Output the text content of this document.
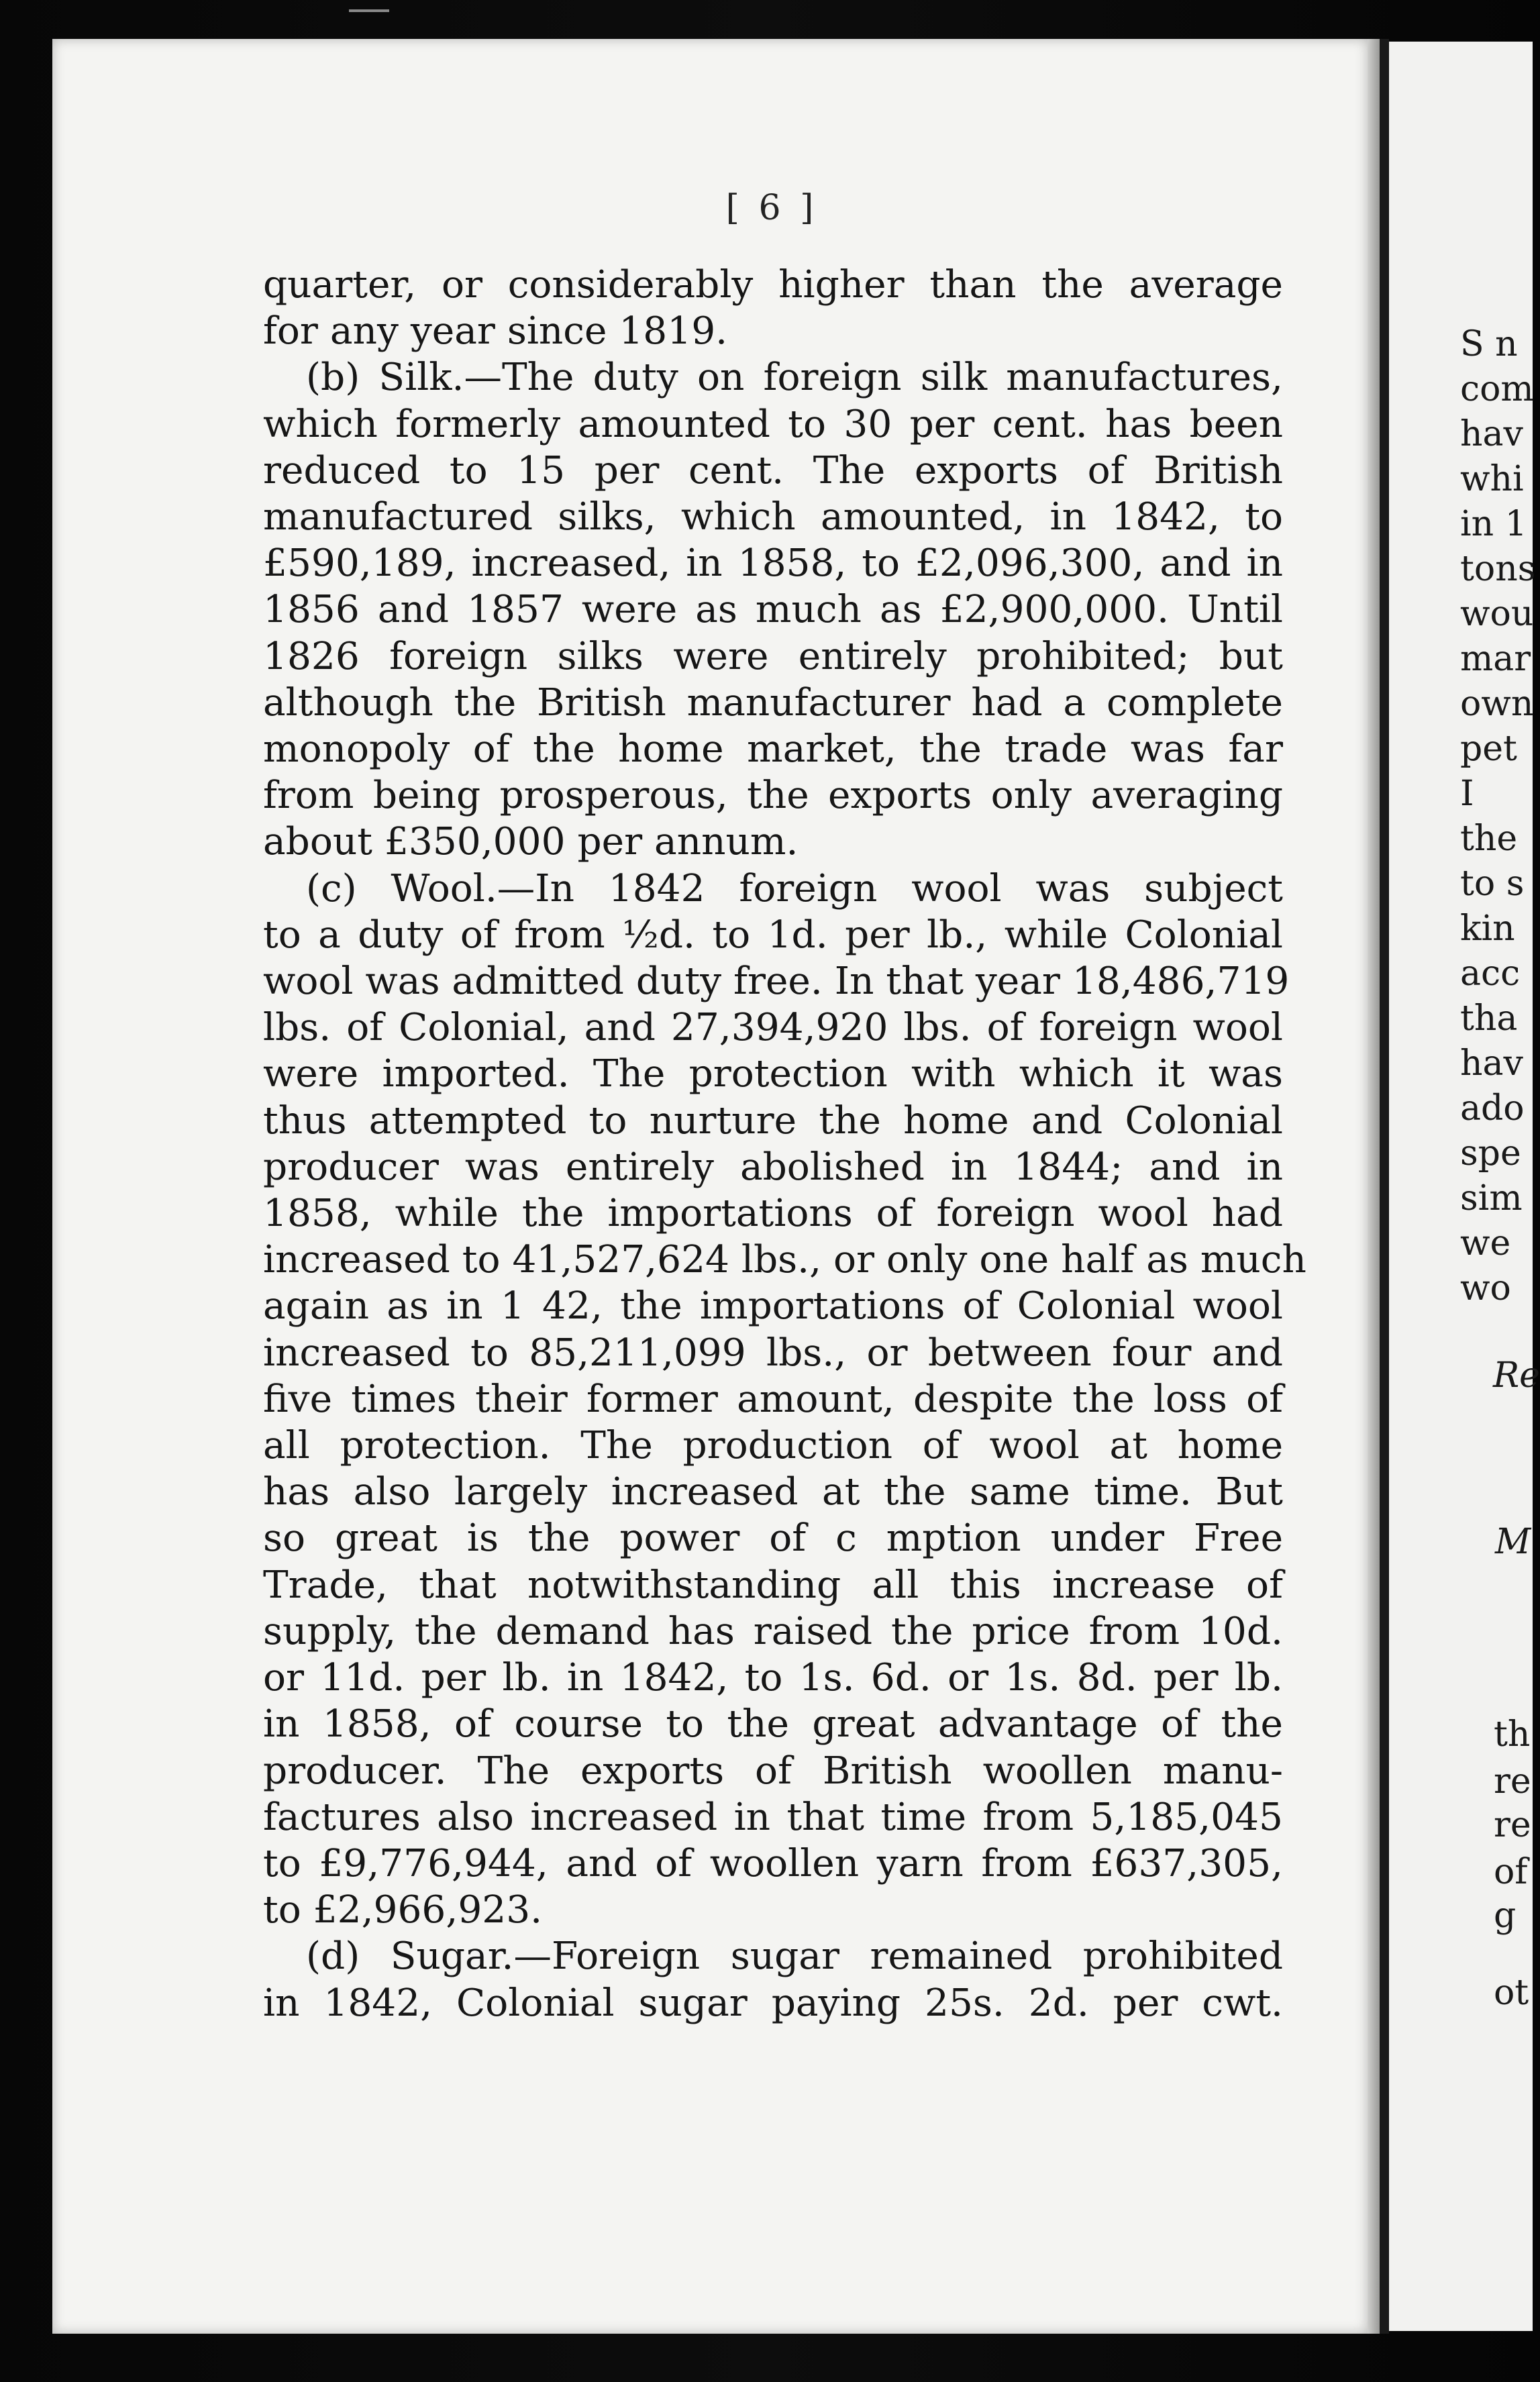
[ 6 ]
quarter, or considerably higher than the average
for any year since 1819.
(b) Silk.—The duty on foreign silk manufactures,
which formerly amounted to 30 per cent. has been
reduced to 15 per cent. The exports of British
manufactured silks, which amounted, in 1842, to
£590,189, increased, in 1858, to £2,096,300, and in
1856 and 1857 were as much as £2,900,000. Until
1826 foreign silks were entirely prohibited; but
although the British manufacturer had a complete
monopoly of the home market, the trade was far
from being prosperous, the exports only averaging
about £350,000 per annum.
(c) Wool.—In 1842 foreign wool was subject
to a duty of from ½d. to 1d. per lb., while Colonial
wool was admitted duty free. In that year 18,486,719
lbs. of Colonial, and 27,394,920 lbs. of foreign wool
were imported. The protection with which it was
thus attempted to nurture the home and Colonial
producer was entirely abolished in 1844; and in
1858, while the importations of foreign wool had
increased to 41,527,624 lbs., or only one half as much
again as in 1 42, the importations of Colonial wool
increased to 85,211,099 lbs., or between four and
five times their former amount, despite the loss of
all protection. The production of wool at home
has also largely increased at the same time. But
so great is the power of c mption under Free
Trade, that notwithstanding all this increase of
supply, the demand has raised the price from 10d.
or 11d. per lb. in 1842, to 1s. 6d. or 1s. 8d. per lb.
in 1858, of course to the great advantage of the
producer. The exports of British woollen manu-
factures also increased in that time from 5,185,045
to £9,776,944, and of woollen yarn from £637,305,
to £2,966,923.
(d) Sugar.—Foreign sugar remained prohibited
in 1842, Colonial sugar paying 25s. 2d. per cwt.
S n
com
hav
whi
in 1
tons
wou
mar
own
pet
I
the
to s
kin
acc
tha
hav
ado
spe
sim
we
wo
Re
M
th
re
re
of
g
ot
